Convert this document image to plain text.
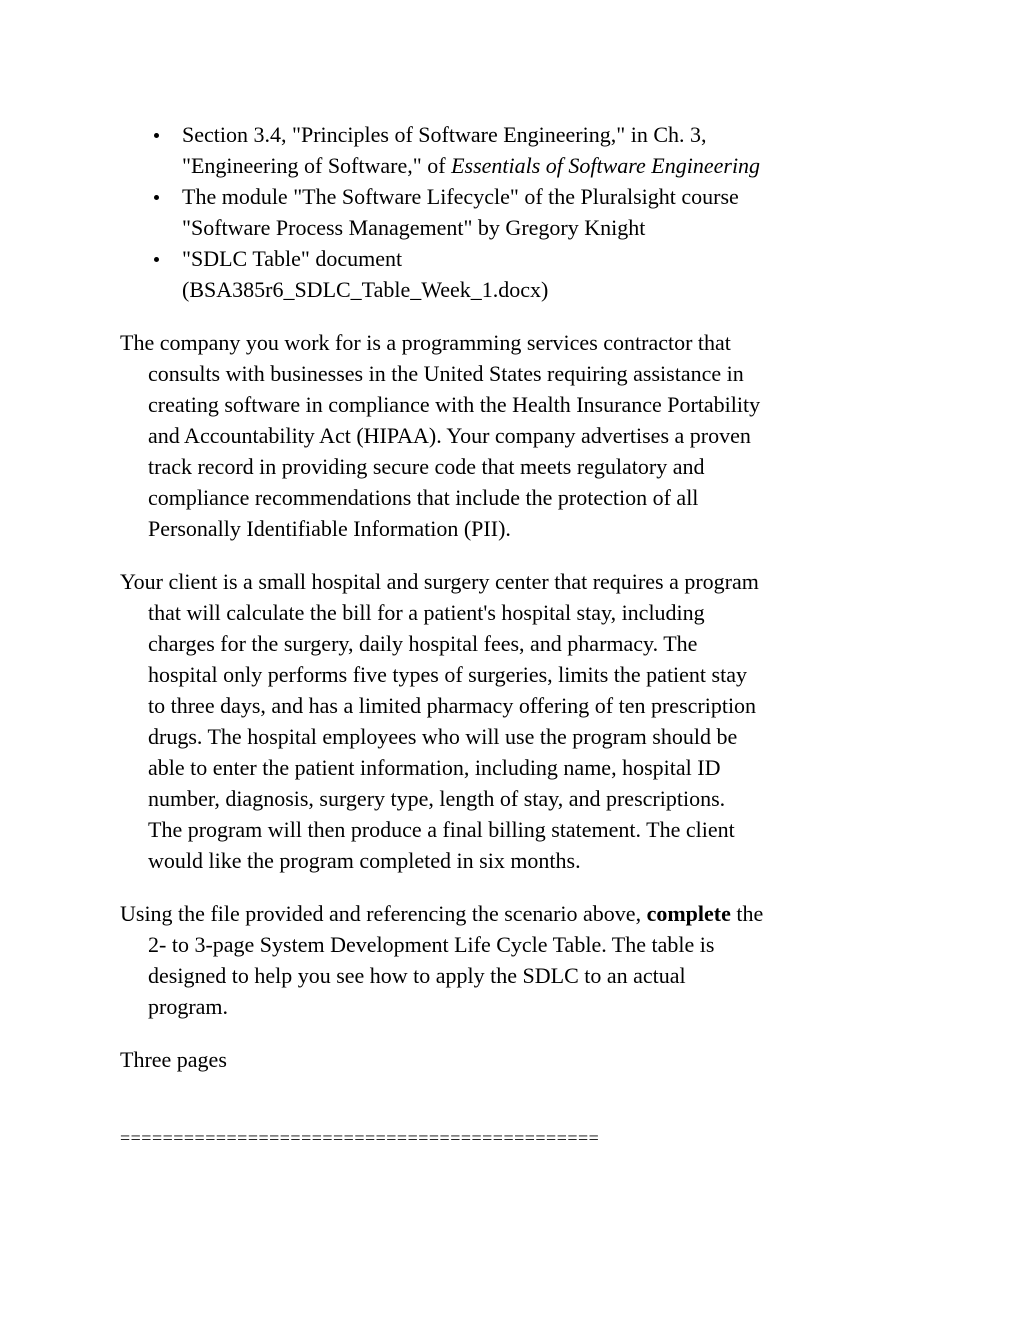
Section 3.4, "Principles of Software Engineering," in Ch. 3,
"Engineering of Software," of Essentials of Software Engineering
The module "The Software Lifecycle" of the Pluralsight course
"Software Process Management" by Gregory Knight
"SDLC Table" document
(BSA385r6_SDLC_Table_Week_1.docx)

The company you work for is a programming services contractor that
consults with businesses in the United States requiring assistance in
creating software in compliance with the Health Insurance Portability
and Accountability Act (HIPAA). Your company advertises a proven
track record in providing secure code that meets regulatory and
compliance recommendations that include the protection of all
Personally Identifiable Information (PII).

Your client is a small hospital and surgery center that requires a program
that will calculate the bill for a patient's hospital stay, including
charges for the surgery, daily hospital fees, and pharmacy. The
hospital only performs five types of surgeries, limits the patient stay
to three days, and has a limited pharmacy offering of ten prescription
drugs. The hospital employees who will use the program should be
able to enter the patient information, including name, hospital ID
number, diagnosis, surgery type, length of stay, and prescriptions.
The program will then produce a final billing statement. The client
would like the program completed in six months.

Using the file provided and referencing the scenario above, complete the
2- to 3-page System Development Life Cycle Table. The table is
designed to help you see how to apply the SDLC to an actual
program.

Three pages

=============================================
